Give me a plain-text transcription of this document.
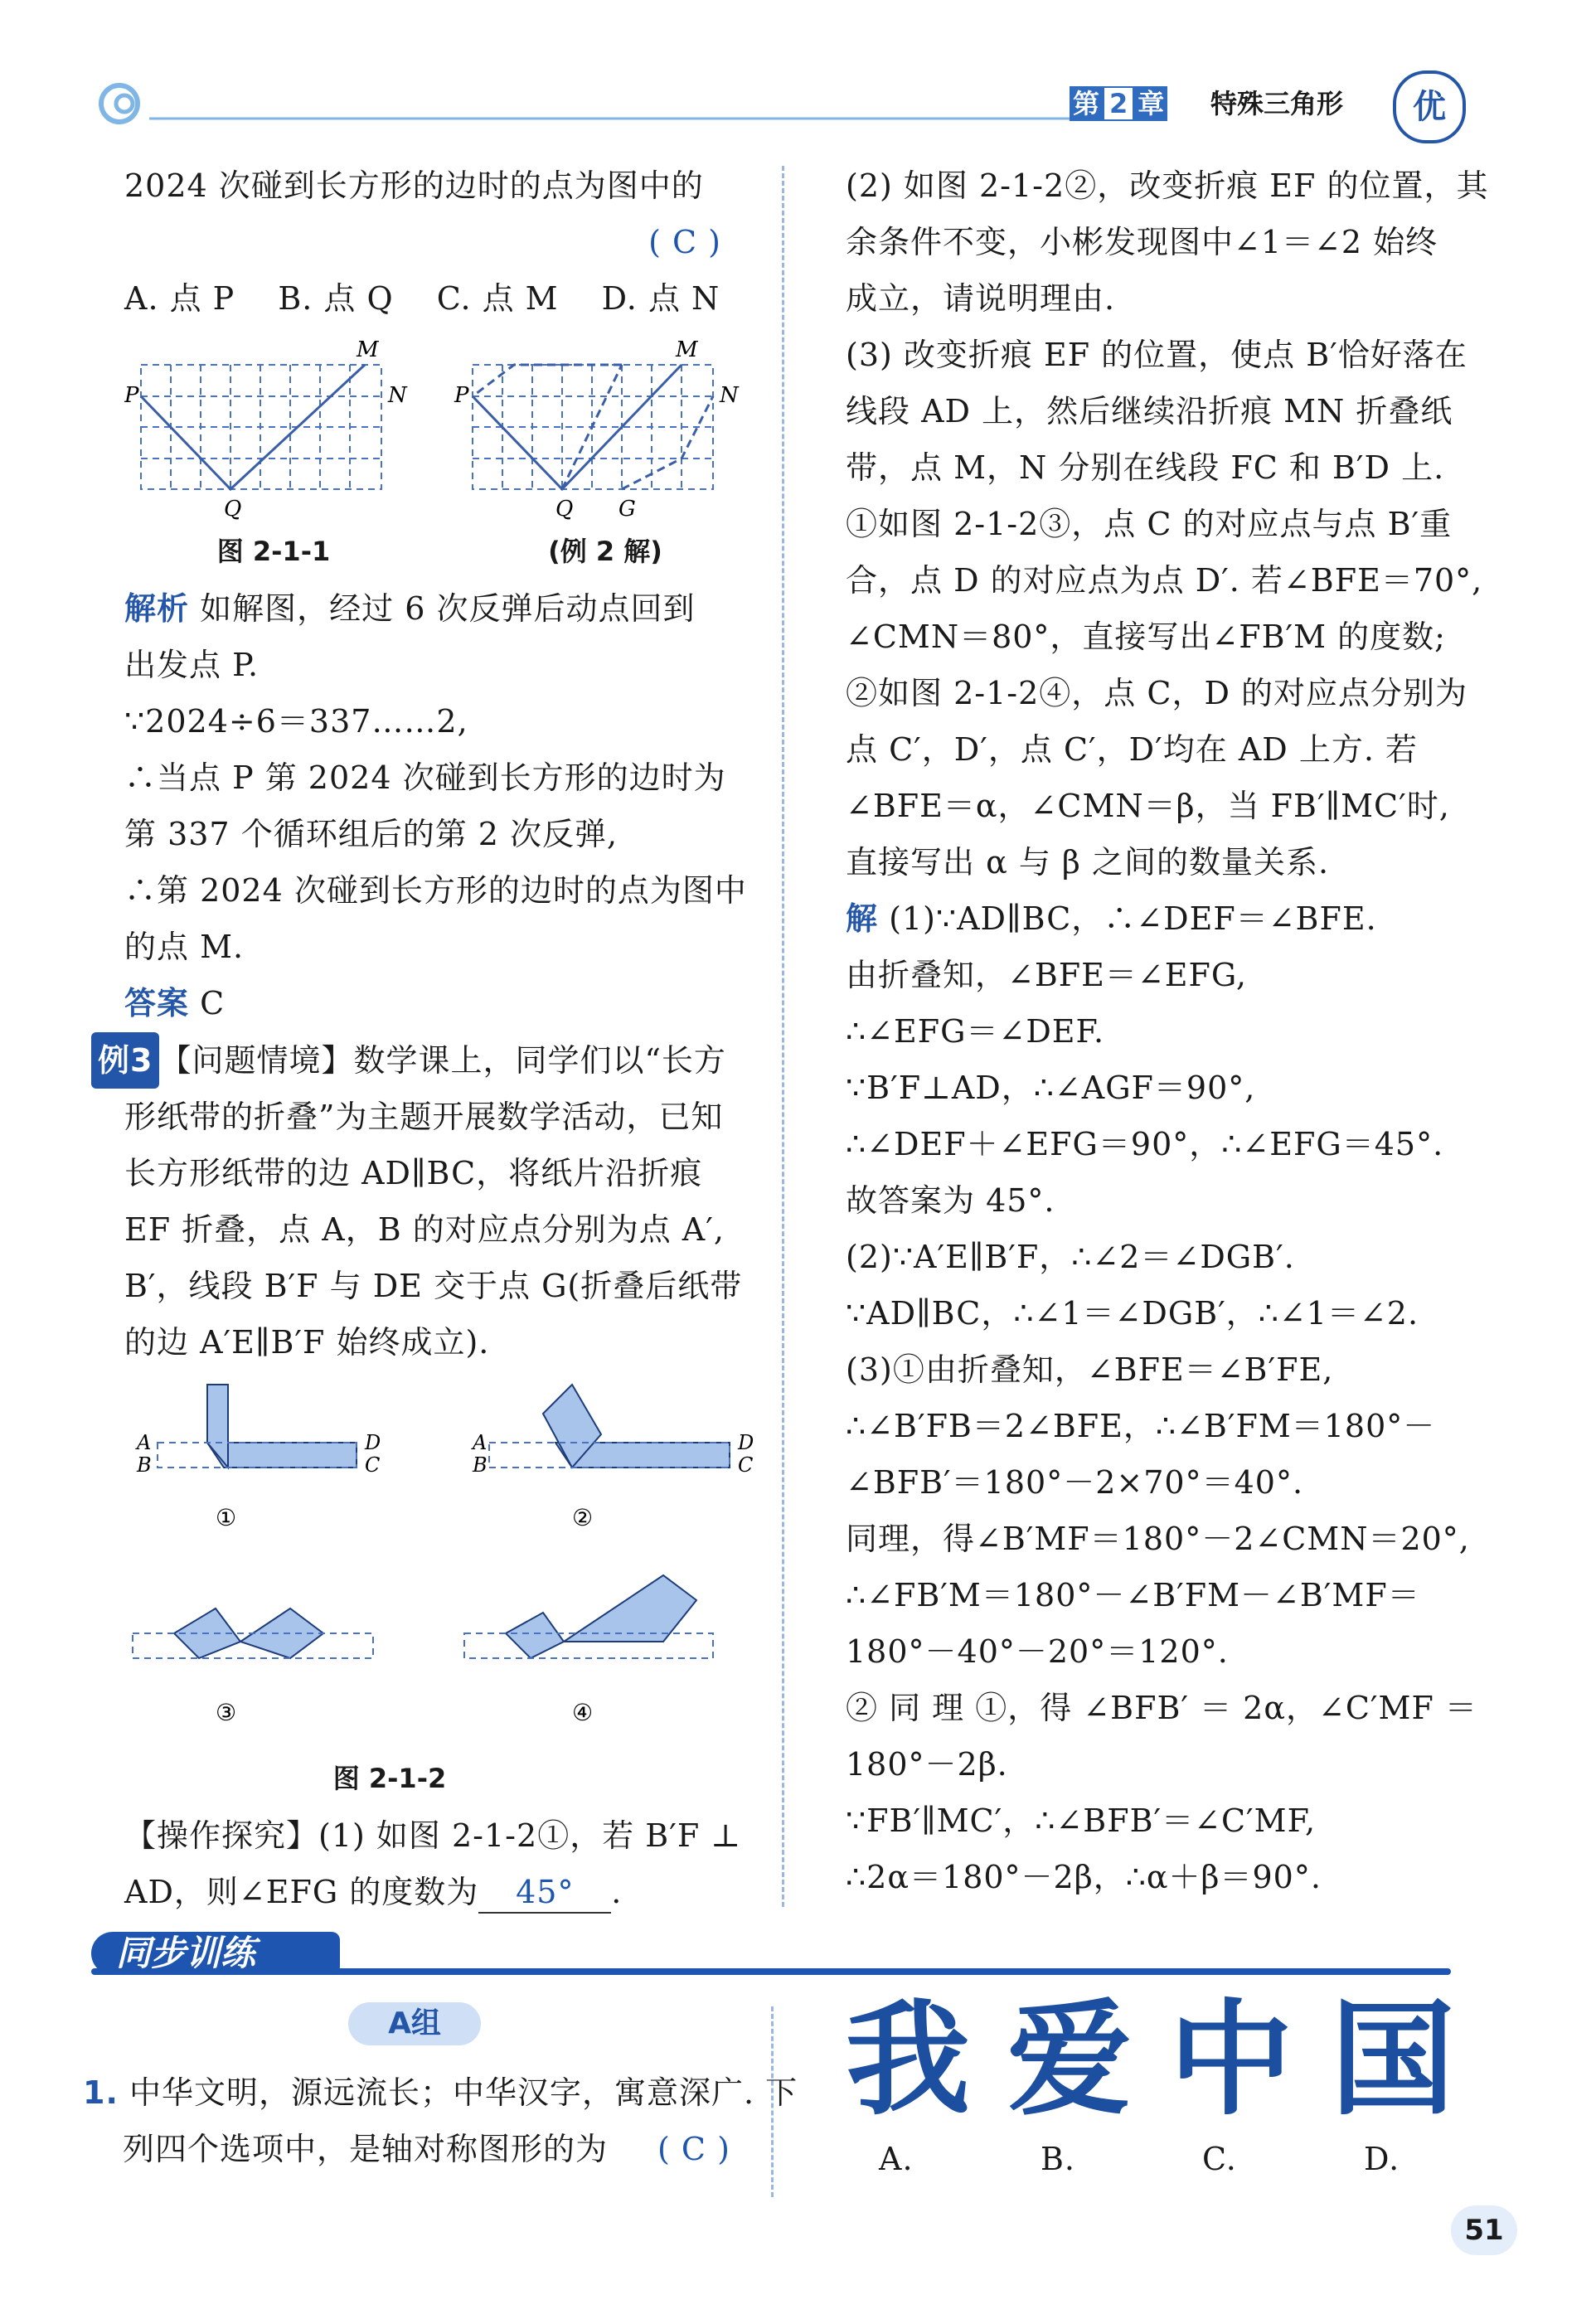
第 2 章 特殊三角形	优
2024 次碰到长方形的边时的点为图中的
( C )
A. 点 P　 B. 点 Q　 C. 点 M　 D. 点 N
P
M
N
Q
P
M
N
Q G
图 2-1-1	(例 2 解)
解析 如解图，经过 6 次反弹后动点回到
出发点 P.
∵2024÷6＝337……2,
∴当点 P 第 2024 次碰到长方形的边时为
第 337 个循环组后的第 2 次反弹,
∴第 2024 次碰到长方形的边时的点为图中
的点 M.
答案 C
例3 【问题情境】数学课上，同学们以“长方
形纸带的折叠”为主题开展数学活动，已知
长方形纸带的边 AD∥BC，将纸片沿折痕
EF 折叠，点 A，B 的对应点分别为点 A′,
B′，线段 B′F 与 DE 交于点 G(折叠后纸带
的边 A′E∥B′F 始终成立).
A
B
D
C
A
B
D
C
①	②
③	④
图 2-1-2
【操作探究】(1) 如图 2-1-2①，若 B′F ⊥
AD，则∠EFG 的度数为 45° .
(2) 如图 2-1-2②，改变折痕 EF 的位置，其
余条件不变，小彬发现图中∠1＝∠2 始终
成立，请说明理由.
(3) 改变折痕 EF 的位置，使点 B′恰好落在
线段 AD 上，然后继续沿折痕 MN 折叠纸
带，点 M，N 分别在线段 FC 和 B′D 上.
①如图 2-1-2③，点 C 的对应点与点 B′重
合，点 D 的对应点为点 D′. 若∠BFE＝70°,
∠CMN＝80°，直接写出∠FB′M 的度数;
②如图 2-1-2④，点 C，D 的对应点分别为
点 C′，D′，点 C′，D′均在 AD 上方. 若
∠BFE＝α，∠CMN＝β，当 FB′∥MC′时,
直接写出 α 与 β 之间的数量关系.
解 (1)∵AD∥BC，∴∠DEF＝∠BFE.
由折叠知，∠BFE＝∠EFG,
∴∠EFG＝∠DEF.
∵B′F⊥AD，∴∠AGF＝90°,
∴∠DEF＋∠EFG＝90°，∴∠EFG＝45°.
故答案为 45°.
(2)∵A′E∥B′F，∴∠2＝∠DGB′.
∵AD∥BC，∴∠1＝∠DGB′，∴∠1＝∠2.
(3)①由折叠知，∠BFE＝∠B′FE,
∴∠B′FB＝2∠BFE，∴∠B′FM＝180°－
∠BFB′＝180°－2×70°＝40°.
同理，得∠B′MF＝180°－2∠CMN＝20°,
∴∠FB′M＝180°－∠B′FM－∠B′MF＝
180°－40°－20°＝120°.
② 同 理 ①，得 ∠BFB′ ＝ 2α，∠C′MF ＝
180°－2β.
∵FB′∥MC′，∴∠BFB′＝∠C′MF,
∴2α＝180°－2β，∴α＋β＝90°.
同步训练
A组
1. 中华文明，源远流长；中华汉字，寓意深广. 下
列四个选项中，是轴对称图形的为 ( C )
我 爱 中 国
A.	B.	C.	D.
51
